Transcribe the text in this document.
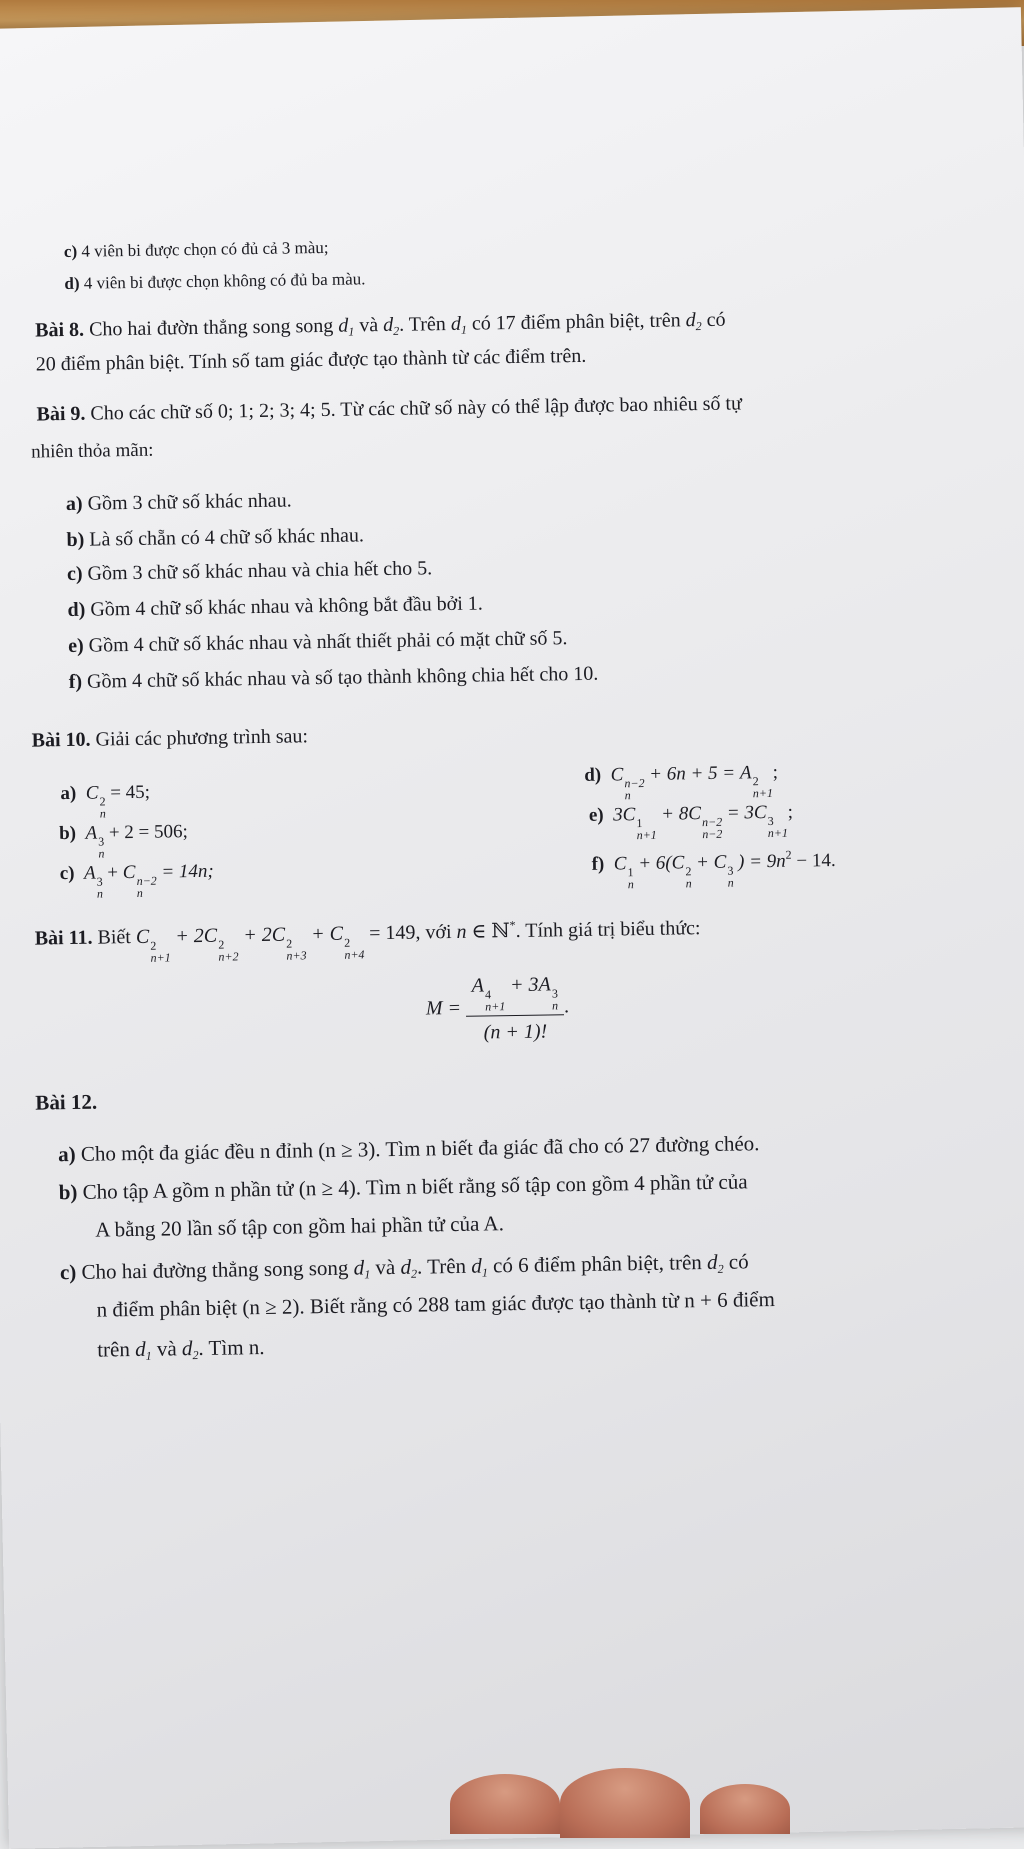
c) 4 viên bi được chọn có đủ cả 3 màu;
d) 4 viên bi được chọn không có đủ ba màu.
Bài 8. Cho hai đườn thẳng song song $d_1$ và $d_2$. Trên $d_1$ có 17 điểm phân biệt, trên $d_2$ có
20 điểm phân biệt. Tính số tam giác được tạo thành từ các điểm trên.
Bài 9. Cho các chữ số 0; 1; 2; 3; 4; 5. Từ các chữ số này có thể lập được bao nhiêu số tự
nhiên thỏa mãn:
a) Gồm 3 chữ số khác nhau.
b) Là số chẵn có 4 chữ số khác nhau.
c) Gồm 3 chữ số khác nhau và chia hết cho 5.
d) Gồm 4 chữ số khác nhau và không bắt đầu bởi 1.
e) Gồm 4 chữ số khác nhau và nhất thiết phải có mặt chữ số 5.
f) Gồm 4 chữ số khác nhau và số tạo thành không chia hết cho 10.
Bài 10. Giải các phương trình sau:
a) C 2
n
= 45;
b) A 3
n
+ 2 = 506;
c) A 3
n
+ C n−2
n
= 14n;
d) C n−2
n
+ 6n + 5 = A 2
n+1
;
e) 3C 1
n+1
+ 8C n−2
n−2
= 3C 3
n+1
;
f) C 1
n
+ 6(C 2
n
+ C 3
n
) = $9n^2 - 14$.
Bài 11. Biết C 2
n+1
+ 2C 2
n+2
+ 2C 2
n+3
+ C 2
n+4
= 149, với n ∈ ℕ*. Tính giá trị biểu thức:
M = A 4
n+1
+ 3A 3
n
(n + 1)! .
Bài 12.
a) Cho một đa giác đều n đỉnh (n ≥ 3). Tìm n biết đa giác đã cho có 27 đường chéo.
b) Cho tập A gồm n phần tử (n ≥ 4). Tìm n biết rằng số tập con gồm 4 phần tử của
A bằng 20 lần số tập con gồm hai phần tử của A.
c) Cho hai đường thẳng song song $d_1$ và $d_2$. Trên $d_1$ có 6 điểm phân biệt, trên $d_2$ có
n điểm phân biệt (n ≥ 2). Biết rằng có 288 tam giác được tạo thành từ n + 6 điểm
trên $d_1$ và $d_2$. Tìm n.
